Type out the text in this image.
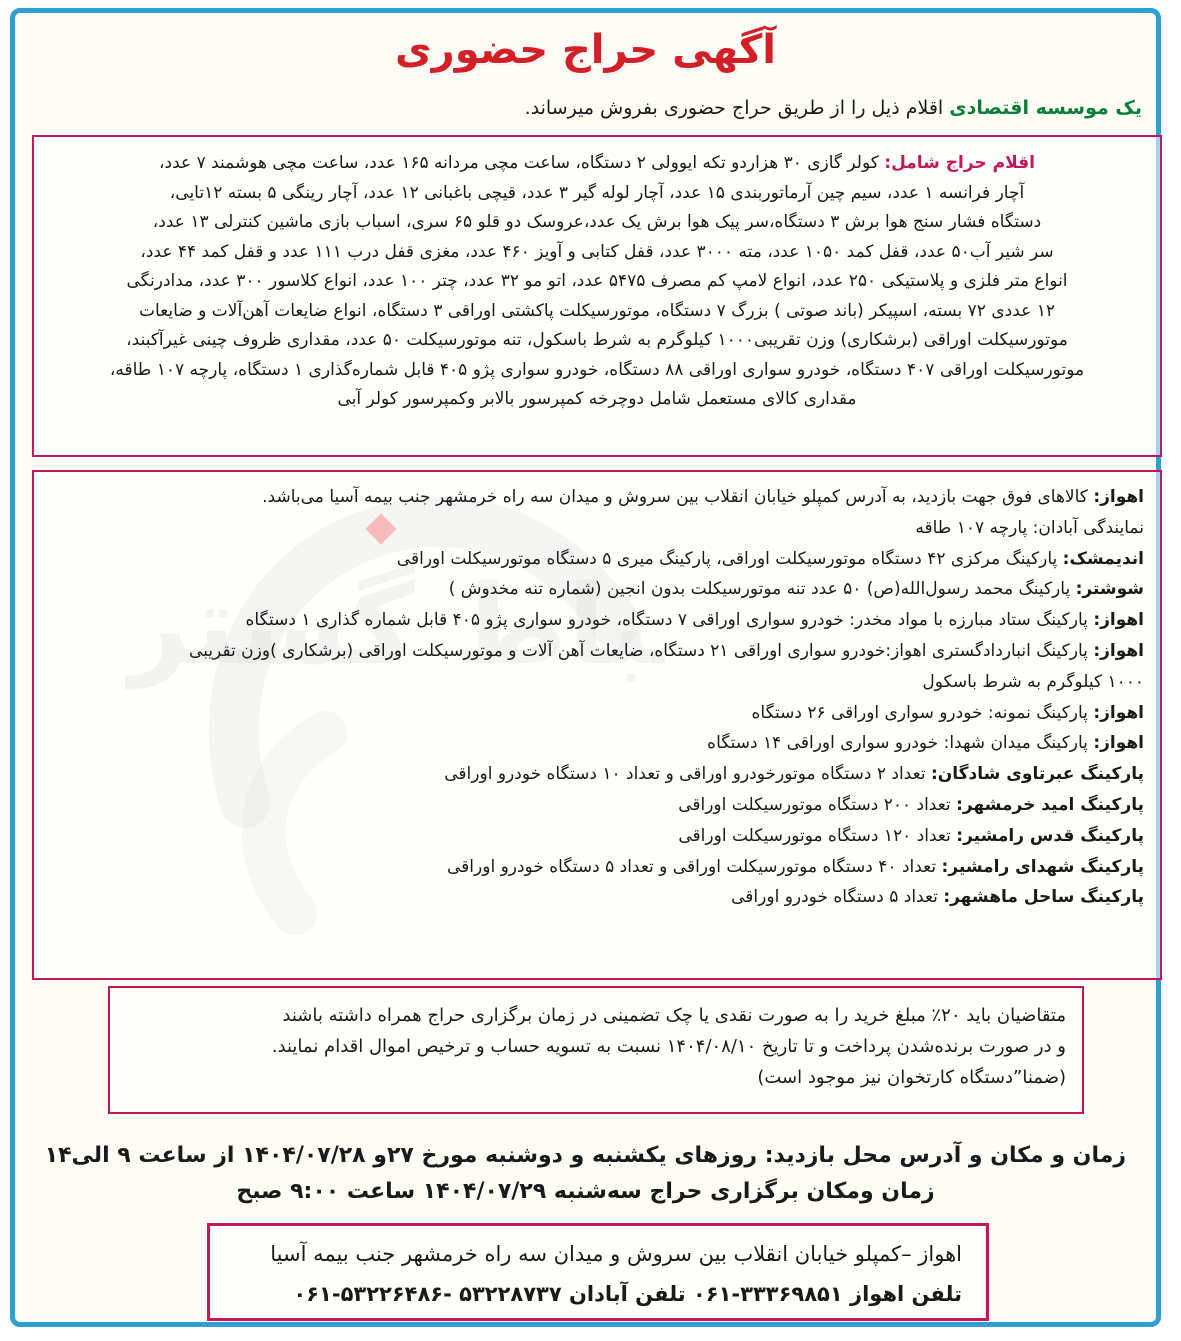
آگهی حراج حضوری
یک موسسه اقتصادی اقلام ذیل را از طریق حراج حضوری بفروش میرساند.

اقلام حراج شامل: کولر گازی ۳۰ هزاردو تکه ایوولی ۲ دستگاه، ساعت مچی مردانه ۱۶۵ عدد، ساعت مچی هوشمند ۷ عدد،

آچار فرانسه ۱ عدد، سیم چین آرماتوربندی ۱۵ عدد، آچار لوله گیر ۳ عدد، قیچی باغبانی ۱۲ عدد، آچار رینگی ۵ بسته ۱۲تایی،

دستگاه فشار سنج هوا برش ۳ دستگاه،سر پیک هوا برش یک عدد،عروسک دو قلو ۶۵ سری، اسباب بازی ماشین کنترلی ۱۳ عدد،

سر شیر آب۵۰ عدد، قفل کمد ۱۰۵۰ عدد، مته ۳۰۰۰ عدد، قفل کتابی و آویز ۴۶۰ عدد، مغزی قفل درب ۱۱۱ عدد و قفل کمد ۴۴ عدد،

انواع متر فلزی و پلاستیکی ۲۵۰ عدد، انواع لامپ کم مصرف ۵۴۷۵ عدد، اتو مو ۳۲ عدد، چتر ۱۰۰ عدد، انواع کلاسور ۳۰۰ عدد، مدادرنگی

۱۲ عددی ۷۲ بسته، اسپیکر (باند صوتی ) بزرگ ۷ دستگاه، موتورسیکلت پاکشتی اوراقی ۳ دستگاه، انواع ضایعات آهن‌آلات و ضایعات

موتورسیکلت اوراقی (برشکاری) وزن تقریبی۱۰۰۰ کیلوگرم به شرط باسکول، تنه موتورسیکلت ۵۰ عدد، مقداری ظروف چینی غیرآکبند،

موتورسیکلت اوراقی ۴۰۷ دستگاه، خودرو سواری اوراقی ۸۸ دستگاه، خودرو سواری پژو ۴۰۵ قابل شماره‌گذاری ۱ دستگاه، پارچه ۱۰۷ طاقه،

مقداری کالای مستعمل شامل دوچرخه کمپرسور بالابر وکمپرسور کولر آبی

اهواز: کالاهای فوق جهت بازدید، به آدرس کمپلو خیابان انقلاب بین سروش و میدان سه راه خرمشهر جنب بیمه آسیا می‌باشد.
نمایندگی آبادان: پارچه ۱۰۷ طاقه
اندیمشک: پارکینگ مرکزی ۴۲ دستگاه موتورسیکلت اوراقی، پارکینگ میری ۵ دستگاه موتورسیکلت اوراقی
شوشتر: پارکینگ محمد رسول‌الله(ص) ۵۰ عدد تنه موتورسیکلت بدون انجین (شماره تنه مخدوش )
اهواز: پارکینگ ستاد مبارزه با مواد مخدر: خودرو سواری اوراقی ۷ دستگاه، خودرو سواری پژو ۴۰۵ قابل شماره گذاری ۱ دستگاه
اهواز: پارکینگ انباردادگستری اهواز:خودرو سواری اوراقی ۲۱ دستگاه، ضایعات آهن آلات و موتورسیکلت اوراقی (برشکاری )وزن تقریبی
۱۰۰۰ کیلوگرم به شرط باسکول
اهواز: پارکینگ نمونه: خودرو سواری اوراقی ۲۶ دستگاه
اهواز: پارکینگ میدان شهدا: خودرو سواری اوراقی ۱۴ دستگاه
پارکینگ عبرتاوی شادگان: تعداد ۲ دستگاه موتورخودرو اوراقی و تعداد ۱۰ دستگاه خودرو اوراقی
پارکینگ امید خرمشهر: تعداد ۲۰۰ دستگاه موتورسیکلت اوراقی
پارکینگ قدس رامشیر: تعداد ۱۲۰ دستگاه موتورسیکلت اوراقی
پارکینگ شهدای رامشیر: تعداد ۴۰ دستگاه موتورسیکلت اوراقی و تعداد ۵ دستگاه خودرو اوراقی
پارکینگ ساحل ماهشهر: تعداد ۵ دستگاه خودرو اوراقی
متقاضیان باید ۲۰٪ مبلغ خرید را به صورت نقدی یا چک تضمینی در زمان برگزاری حراج همراه داشته باشند
و در صورت برنده‌شدن پرداخت و تا تاریخ ۱۴۰۴/۰۸/۱۰ نسبت به تسویه حساب و ترخیص اموال اقدام نمایند.
(ضمنا”دستگاه کارتخوان نیز موجود است)
زمان و مکان و آدرس محل بازدید: روزهای یکشنبه و دوشنبه مورخ ۲۷و ۱۴۰۴/۰۷/۲۸ از ساعت ۹ الی۱۴
زمان ومکان برگزاری حراج سه‌شنبه ۱۴۰۴/۰۷/۲۹ ساعت ۹:۰۰ صبح
اهواز –کمپلو خیابان انقلاب بین سروش و میدان سه راه خرمشهر جنب بیمه آسیا
تلفن اهواز ۳۳۳۶۹۸۵۱-۰۶۱ تلفن آبادان ۵۳۲۲۸۷۳۷ -۵۳۲۲۶۴۸۶-۰۶۱
